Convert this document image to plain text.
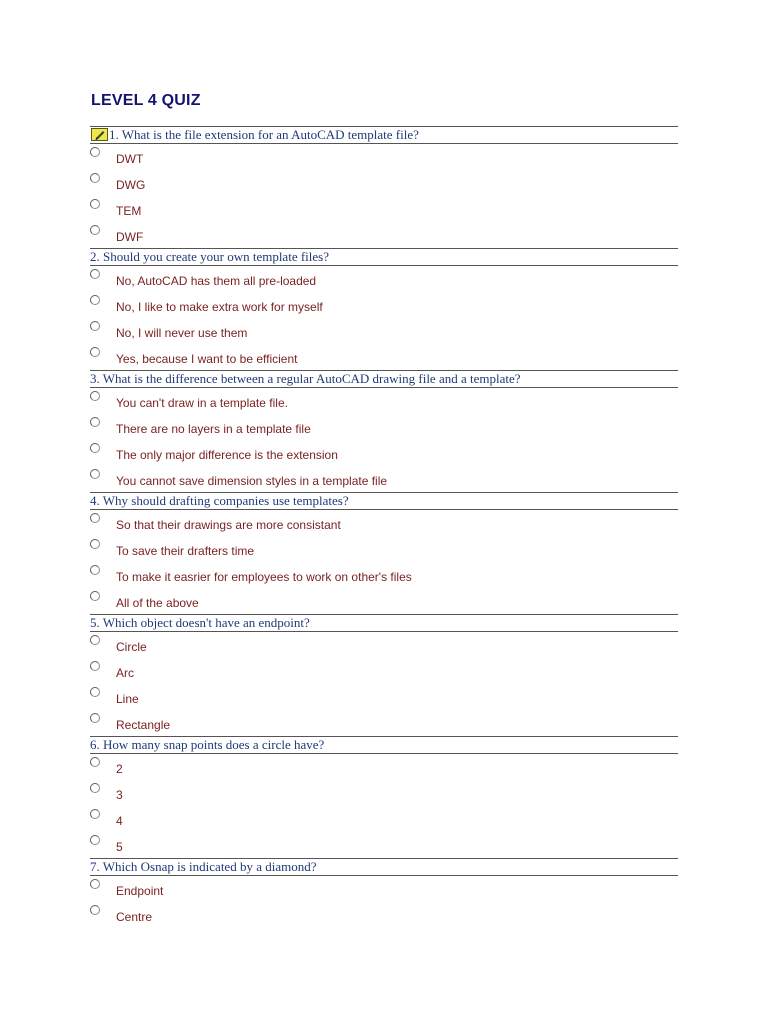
LEVEL 4 QUIZ
1. What is the file extension for an AutoCAD template file?
DWT
DWG
TEM
DWF
2. Should you create your own template files?
No, AutoCAD has them all pre-loaded
No, I like to make extra work for myself
No, I will never use them
Yes, because I want to be efficient
3. What is the difference between a regular AutoCAD drawing file and a template?
You can't draw in a template file.
There are no layers in a template file
The only major difference is the extension
You cannot save dimension styles in a template file
4. Why should drafting companies use templates?
So that their drawings are more consistant
To save their drafters time
To make it easrier for employees to work on other's files
All of the above
5. Which object doesn't have an endpoint?
Circle
Arc
Line
Rectangle
6. How many snap points does a circle have?
2
3
4
5
7. Which Osnap is indicated by a diamond?
Endpoint
Centre
